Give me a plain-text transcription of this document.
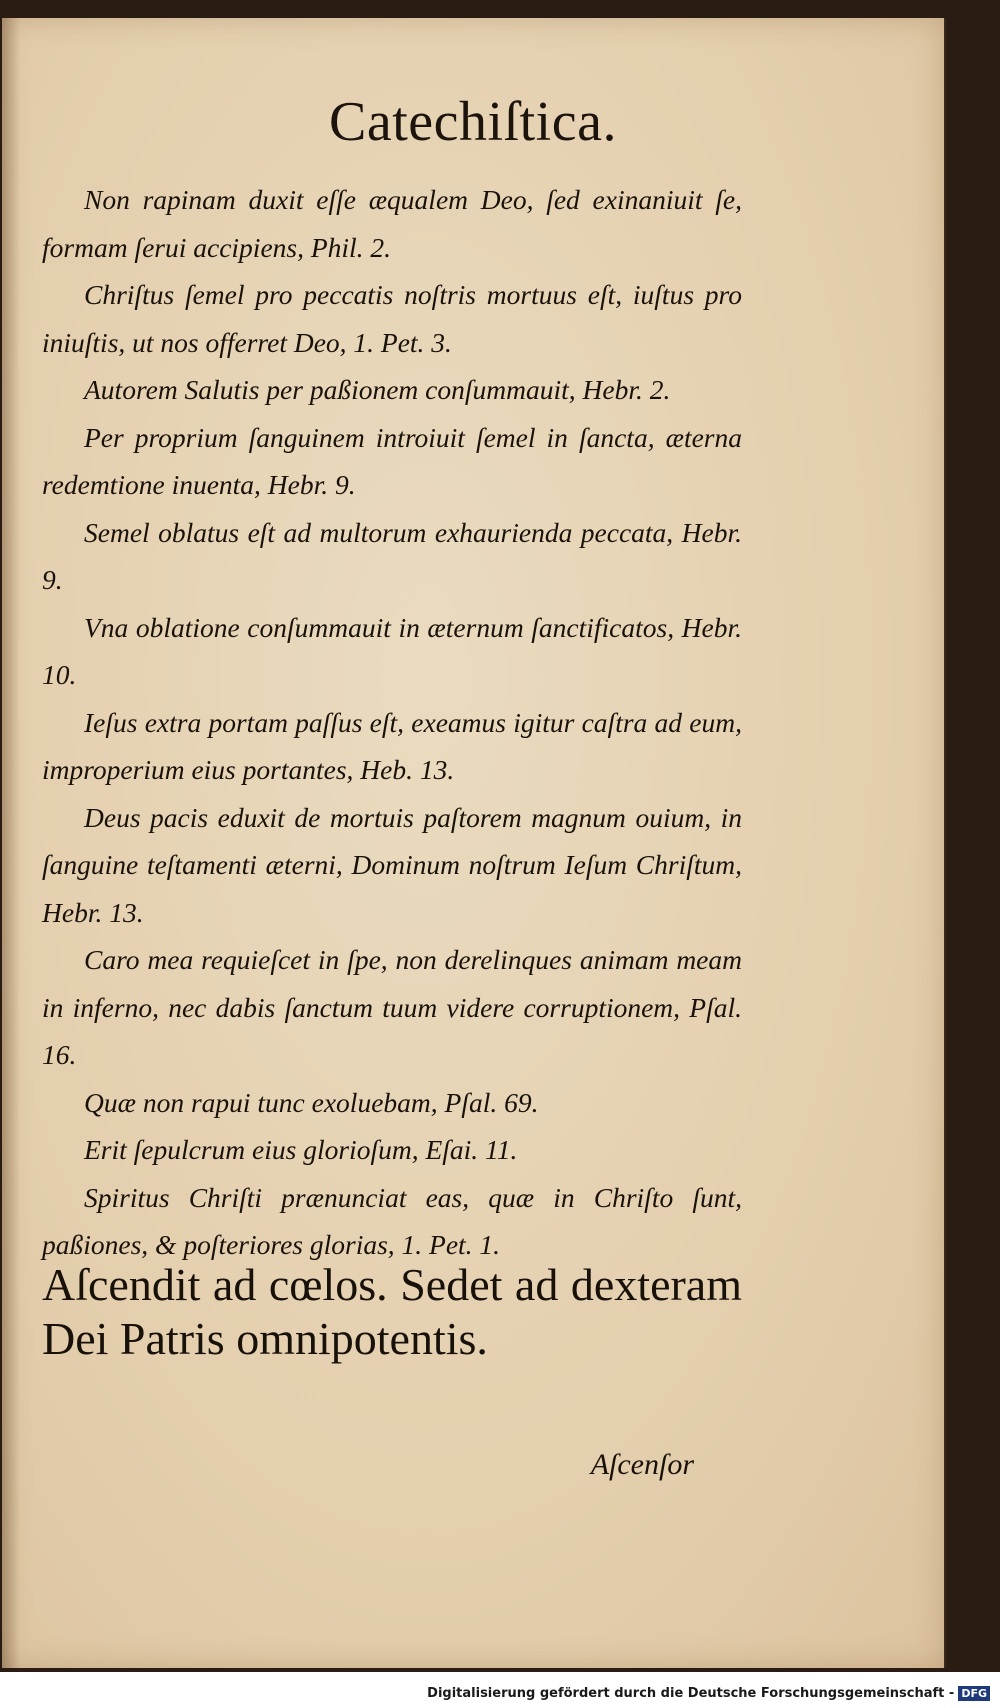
Catechiſtica.

Non rapinam duxit eſſe æqualem Deo, ſed exinaniuit ſe, formam ſerui accipiens, Phil. 2.

Chriſtus ſemel pro peccatis noſtris mortuus eſt, iuſtus pro iniuſtis, ut nos offerret Deo, 1. Pet. 3.

Autorem Salutis per paßionem conſummauit, Hebr. 2.

Per proprium ſanguinem introiuit ſemel in ſancta, æterna redemtione inuenta, Hebr. 9.

Semel oblatus eſt ad multorum exhaurienda peccata, Hebr. 9.

Vna oblatione conſummauit in æternum ſanctificatos, Hebr. 10.

Ieſus extra portam paſſus eſt, exeamus igitur caſtra ad eum, improperium eius portantes, Heb. 13.

Deus pacis eduxit de mortuis paſtorem magnum ouium, in ſanguine teſtamenti æterni, Dominum noſtrum Ieſum Chriſtum, Hebr. 13.

Caro mea requieſcet in ſpe, non derelinques animam meam in inferno, nec dabis ſanctum tuum videre corruptionem, Pſal. 16.

Quæ non rapui tunc exoluebam, Pſal. 69.

Erit ſepulcrum eius glorioſum, Eſai. 11.

Spiritus Chriſti prænunciat eas, quæ in Chriſto ſunt, paßiones, & poſteriores glorias, 1. Pet. 1.

Aſcendit ad cœlos. Sedet ad dexteram Dei Patris omnipotentis.
Aſcenſor
Digitalisierung gefördert durch die Deutsche Forschungsgemeinschaft - DFG
